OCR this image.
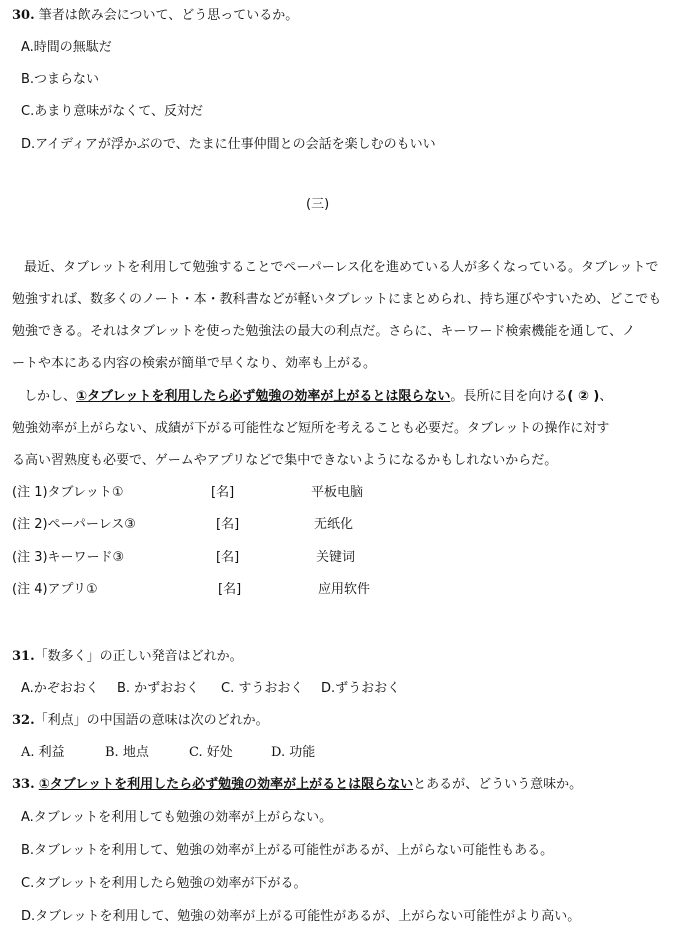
30. 筆者は飲み会について、どう思っているか。
A.時間の無駄だ
B.つまらない
C.あまり意味がなくて、反対だ
D.アイディアが浮かぶので、たまに仕事仲間との会話を楽しむのもいい
(三)
最近、タブレットを利用して勉強することでペーパーレス化を進めている人が多くなっている。タブレットで
勉強すれば、数多くのノート・本・教科書などが軽いタブレットにまとめられ、持ち運びやすいため、どこでも
勉強できる。それはタブレットを使った勉強法の最大の利点だ。さらに、キーワード検索機能を通して、ノ
ートや本にある内容の検索が簡単で早くなり、効率も上がる。
しかし、①タブレットを利用したら必ず勉強の効率が上がるとは限らない。長所に目を向ける( ② )、
勉強効率が上がらない、成績が下がる可能性など短所を考えることも必要だ。タブレットの操作に対す
る高い習熟度も必要で、ゲームやアプリなどで集中できないようになるかもしれないからだ。
(注 1)タブレット①	[名]	平板电脑
(注 2)ペーパーレス③	[名]	无纸化
(注 3)キーワード③	[名]	关键词
(注 4)アプリ①	[名]	应用软件
31.「数多く」の正しい発音はどれか。
A.かぞおおく B. かずおおく C. すうおおく D.ずうおおく
32.「利点」の中国語の意味は次のどれか。
A. 利益	B. 地点	C. 好处	D. 功能
33. ①タブレットを利用したら必ず勉強の効率が上がるとは限らないとあるが、どういう意味か。
A.タブレットを利用しても勉強の効率が上がらない。
B.タブレットを利用して、勉強の効率が上がる可能性があるが、上がらない可能性もある。
C.タブレットを利用したら勉強の効率が下がる。
D.タブレットを利用して、勉強の効率が上がる可能性があるが、上がらない可能性がより高い。
